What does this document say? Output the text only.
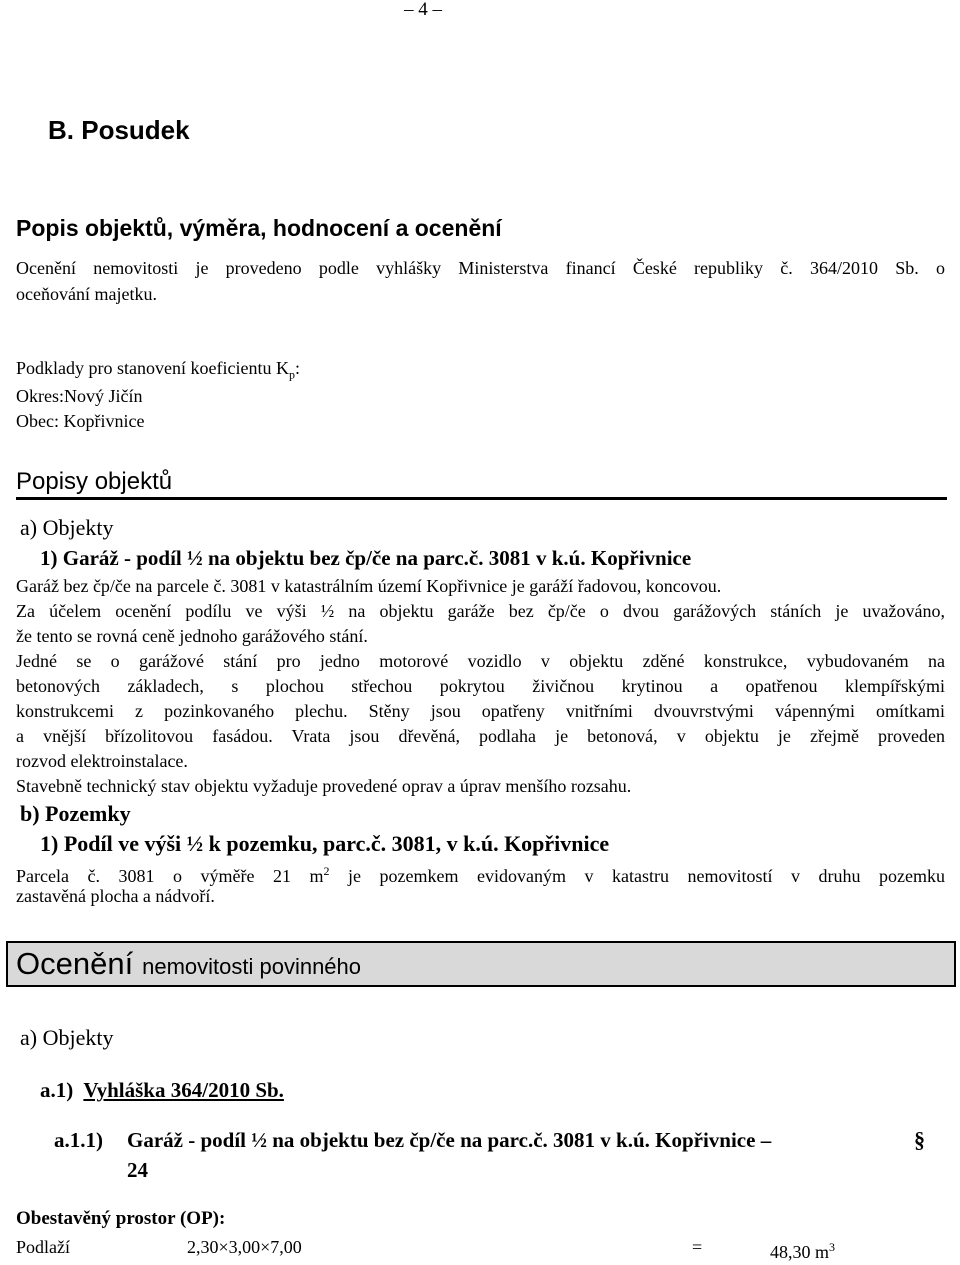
– 4 –
B. Posudek
Popis objektů, výměra, hodnocení a ocenění
Ocenění nemovitosti je provedeno podle vyhlášky Ministerstva financí České republiky č. 364/2010 Sb. o
oceňování majetku.
Podklady pro stanovení koeficientu $K_p$:
Okres:Nový Jičín
Obec: Kopřivnice
Popisy objektů
a) Objekty
1) Garáž - podíl ½ na objektu bez čp/če na parc.č. 3081 v k.ú. Kopřivnice
Garáž bez čp/če na parcele č. 3081 v katastrálním území Kopřivnice je garáží řadovou, koncovou.
Za účelem ocenění podílu ve výši ½ na objektu garáže bez čp/če o dvou garážových stáních je uvažováno,
že tento se rovná ceně jednoho garážového stání.
Jedné se o garážové stání pro jedno motorové vozidlo v objektu zděné konstrukce, vybudovaném na
betonových základech, s plochou střechou pokrytou živičnou krytinou a opatřenou klempířskými
konstrukcemi z pozinkovaného plechu. Stěny jsou opatřeny vnitřními dvouvrstvými vápennými omítkami
a vnější břízolitovou fasádou. Vrata jsou dřevěná, podlaha je betonová, v objektu je zřejmě proveden
rozvod elektroinstalace.
Stavebně technický stav objektu vyžaduje provedené oprav a úprav menšího rozsahu.
b) Pozemky
1) Podíl ve výši ½ k pozemku, parc.č. 3081, v k.ú. Kopřivnice
Parcela č. 3081 o výměře 21 $m^2$ je pozemkem evidovaným v katastru nemovitostí v druhu pozemku
zastavěná plocha a nádvoří.
Ocenění nemovitosti povinného
a) Objekty
a.1) Vyhláška 364/2010 Sb.
a.1.1) Garáž - podíl ½ na objektu bez čp/če na parc.č. 3081 v k.ú. Kopřivnice –	§
24
Obestavěný prostor (OP):
Podlaží	2,30×3,00×7,00	=	48,30 $m^3$
